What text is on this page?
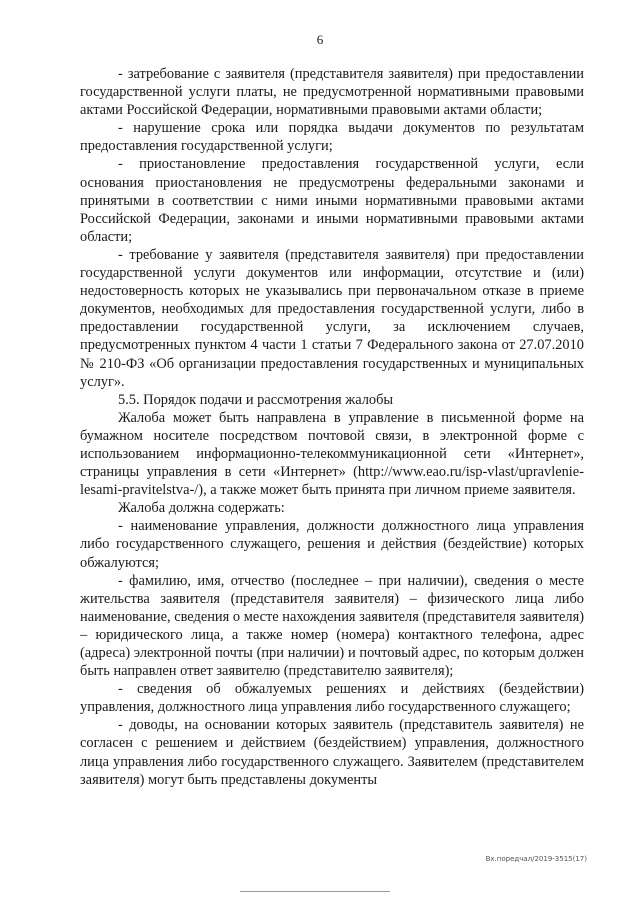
6

- затребование с заявителя (представителя заявителя) при предоставлении государственной услуги платы, не предусмотренной нормативными правовыми актами Российской Федерации, нормативными правовыми актами области;

- нарушение срока или порядка выдачи документов по результатам предоставления государственной услуги;

- приостановление предоставления государственной услуги, если основания приостановления не предусмотрены федеральными законами и принятыми в соответствии с ними иными нормативными правовыми актами Российской Федерации, законами и иными нормативными правовыми актами области;

- требование у заявителя (представителя заявителя) при предоставлении государственной услуги документов или информации, отсутствие и (или) недостоверность которых не указывались при первоначальном отказе в приеме документов, необходимых для предоставления государственной услуги, либо в предоставлении государственной услуги, за исключением случаев, предусмотренных пунктом 4 части 1 статьи 7 Федерального закона от 27.07.2010 № 210-ФЗ «Об организации предоставления государственных и муниципальных услуг».

5.5. Порядок подачи и рассмотрения жалобы

Жалоба может быть направлена в управление в письменной форме на бумажном носителе посредством почтовой связи, в электронной форме с использованием информационно-телекоммуникационной сети «Интернет», страницы управления в сети «Интернет» (http://www.eao.ru/isp-vlast/upravlenie-lesami-pravitelstva-/), а также может быть принята при личном приеме заявителя.

Жалоба должна содержать:

- наименование управления, должности должностного лица управления либо государственного служащего, решения и действия (бездействие) которых обжалуются;

- фамилию, имя, отчество (последнее – при наличии), сведения о месте жительства заявителя (представителя заявителя) – физического лица либо наименование, сведения о месте нахождения заявителя (представителя заявителя) – юридического лица, а также номер (номера) контактного телефона, адрес (адреса) электронной почты (при наличии) и почтовый адрес, по которым должен быть направлен ответ заявителю (представителю заявителя);

- сведения об обжалуемых решениях и действиях (бездействии) управления, должностного лица управления либо государственного служащего;

- доводы, на основании которых заявитель (представитель заявителя) не согласен с решением и действием (бездействием) управления, должностного лица управления либо государственного служащего. Заявителем (представителем заявителя) могут быть представлены документы

Вх.поредчал/2019-3515(17)
